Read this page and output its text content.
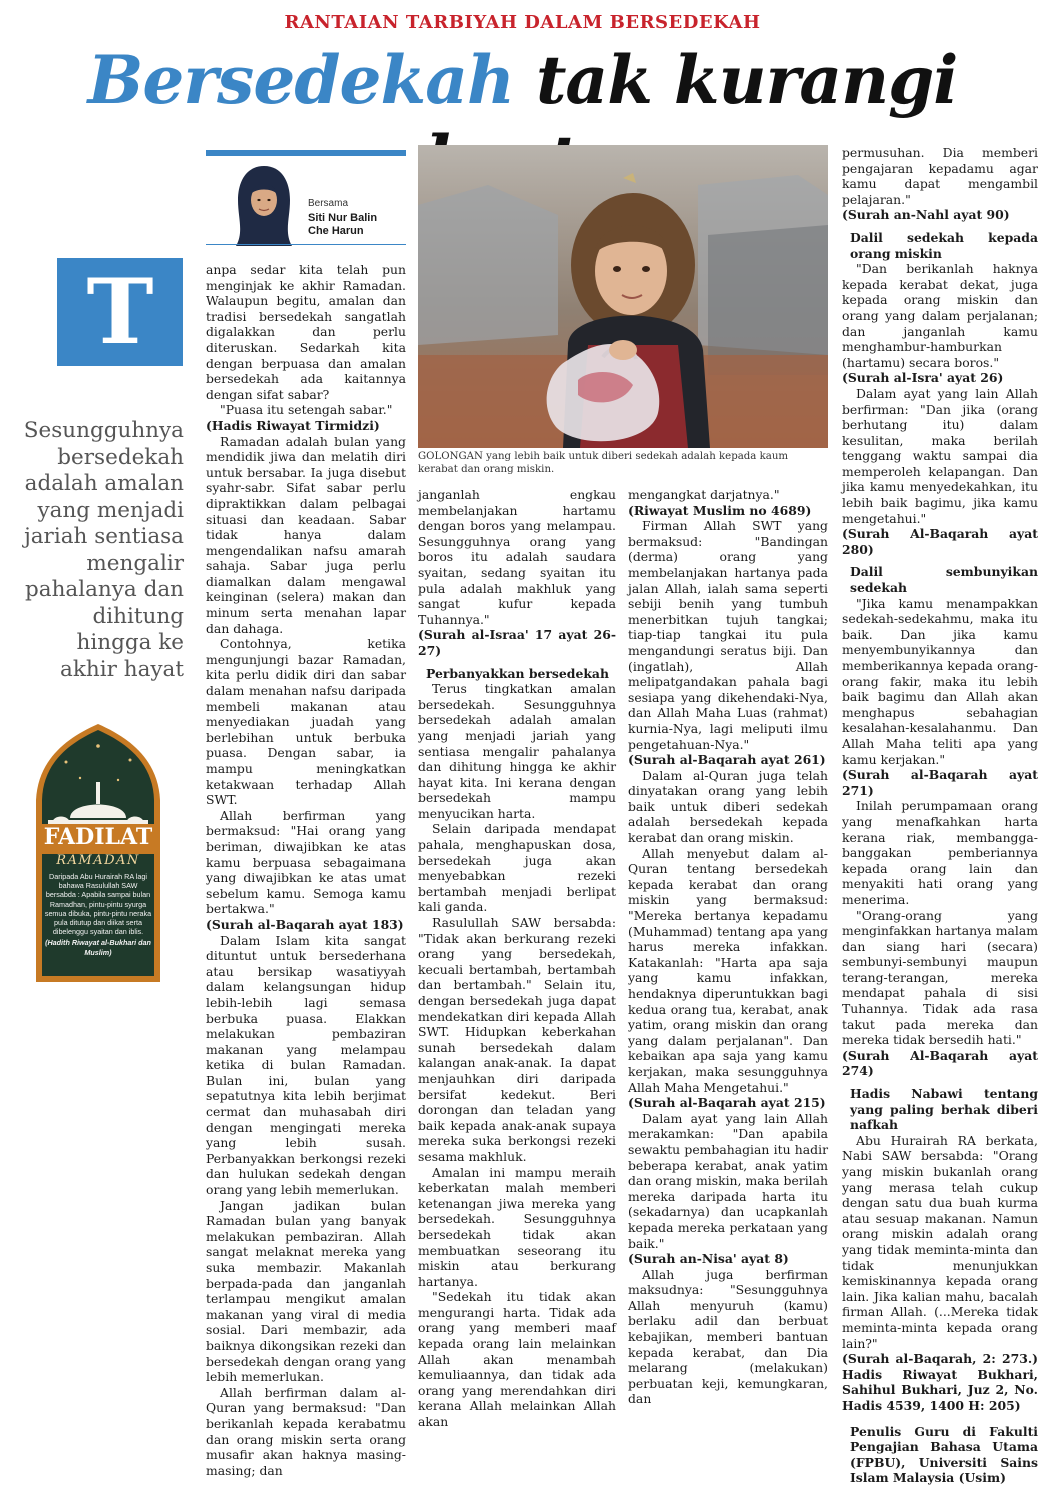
RANTAIAN TARBIYAH DALAM BERSEDEKAH
Bersedekah tak kurangi
Bersama
Siti Nur Balin
Che Harun
T
Sesungguhnya bersedekah adalah amalan yang menjadi jariah sentiasa mengalir pahalanya dan dihitung hingga ke akhir hayat
FADILAT
RAMADAN
Daripada Abu Hurairah RA lagi bahawa Rasulullah SAW bersabda : Apabila sampai bulan Ramadhan, pintu-pintu syurga semua dibuka, pintu-pintu neraka pula ditutup dan diikat serta dibelenggu syaitan dan iblis.
(Hadith Riwayat al-Bukhari dan Muslim)

anpa sedar kita telah pun menginjak ke akhir Ramadan. Walaupun begitu, amalan dan tradisi bersedekah sangatlah digalakkan dan perlu diteruskan. Sedarkah kita dengan berpuasa dan amalan bersedekah ada kaitannya dengan sifat sabar?

"Puasa itu setengah sabar."

(Hadis Riwayat Tirmidzi)

Ramadan adalah bulan yang mendidik jiwa dan melatih diri untuk bersabar. Ia juga disebut syahr-sabr. Sifat sabar perlu dipraktikkan dalam pelbagai situasi dan keadaan. Sabar tidak hanya dalam mengendalikan nafsu amarah sahaja. Sabar juga perlu diamalkan dalam mengawal keinginan (selera) makan dan minum serta menahan lapar dan dahaga.

Contohnya, ketika mengunjungi bazar Ramadan, kita perlu didik diri dan sabar dalam menahan nafsu daripada membeli makanan atau menyediakan juadah yang berlebihan untuk berbuka puasa. Dengan sabar, ia mampu meningkatkan ketakwaan terhadap Allah SWT.

Allah berfirman yang bermaksud: "Hai orang yang beriman, diwajibkan ke atas kamu berpuasa sebagaimana yang diwajibkan ke atas umat sebelum kamu. Semoga kamu bertakwa."

(Surah al-Baqarah ayat 183)

Dalam Islam kita sangat dituntut untuk bersederhana atau bersikap wasatiyyah dalam kelangsungan hidup lebih-lebih lagi semasa berbuka puasa. Elakkan melakukan pembaziran makanan yang melampau ketika di bulan Ramadan. Bulan ini, bulan yang sepatutnya kita lebih berjimat cermat dan muhasabah diri dengan mengingati mereka yang lebih susah. Perbanyakkan berkongsi rezeki dan hulukan sedekah dengan orang yang lebih memerlukan.

Jangan jadikan bulan Ramadan bulan yang banyak melakukan pembaziran. Allah sangat melaknat mereka yang suka membazir. Makanlah berpada-pada dan janganlah terlampau mengikut amalan makanan yang viral di media sosial. Dari membazir, ada baiknya dikongsikan rezeki dan bersedekah dengan orang yang lebih memerlukan.

Allah berfirman dalam al-Quran yang bermaksud: "Dan berikanlah kepada kerabatmu dan orang miskin serta orang musafir akan haknya masing-masing; dan

GOLONGAN yang lebih baik untuk diberi sedekah adalah kepada kaum kerabat dan orang miskin.

janganlah engkau membelanjakan hartamu dengan boros yang melampau. Sesungguhnya orang yang boros itu adalah saudara syaitan, sedang syaitan itu pula adalah makhluk yang sangat kufur kepada Tuhannya."

(Surah al-Israa' 17 ayat 26-27)

Perbanyakkan bersedekah

Terus tingkatkan amalan bersedekah. Sesungguhnya bersedekah adalah amalan yang menjadi jariah yang sentiasa mengalir pahalanya dan dihitung hingga ke akhir hayat kita. Ini kerana dengan bersedekah mampu menyucikan harta.

Selain daripada mendapat pahala, menghapuskan dosa, bersedekah juga akan menyebabkan rezeki bertambah menjadi berlipat kali ganda.

Rasulullah SAW bersabda: "Tidak akan berkurang rezeki orang yang bersedekah, kecuali bertambah, bertambah dan bertambah." Selain itu, dengan bersedekah juga dapat mendekatkan diri kepada Allah SWT. Hidupkan keberkahan sunah bersedekah dalam kalangan anak-anak. Ia dapat menjauhkan diri daripada bersifat kedekut. Beri dorongan dan teladan yang baik kepada anak-anak supaya mereka suka berkongsi rezeki sesama makhluk.

Amalan ini mampu meraih keberkatan malah memberi ketenangan jiwa mereka yang bersedekah. Sesungguhnya bersedekah tidak akan membuatkan seseorang itu miskin atau berkurang hartanya.

"Sedekah itu tidak akan mengurangi harta. Tidak ada orang yang memberi maaf kepada orang lain melainkan Allah akan menambah kemuliaannya, dan tidak ada orang yang merendahkan diri kerana Allah melainkan Allah akan

mengangkat darjatnya."

(Riwayat Muslim no 4689)

Firman Allah SWT yang bermaksud: "Bandingan (derma) orang yang membelanjakan hartanya pada jalan Allah, ialah sama seperti sebiji benih yang tumbuh menerbitkan tujuh tangkai; tiap-tiap tangkai itu pula mengandungi seratus biji. Dan (ingatlah), Allah melipatgandakan pahala bagi sesiapa yang dikehendaki-Nya, dan Allah Maha Luas (rahmat) kurnia-Nya, lagi meliputi ilmu pengetahuan-Nya."

(Surah al-Baqarah ayat 261)

Dalam al-Quran juga telah dinyatakan orang yang lebih baik untuk diberi sedekah adalah bersedekah kepada kerabat dan orang miskin.

Allah menyebut dalam al-Quran tentang bersedekah kepada kerabat dan orang miskin yang bermaksud: "Mereka bertanya kepadamu (Muhammad) tentang apa yang harus mereka infakkan. Katakanlah: "Harta apa saja yang kamu infakkan, hendaknya diperuntukkan bagi kedua orang tua, kerabat, anak yatim, orang miskin dan orang yang dalam perjalanan". Dan kebaikan apa saja yang kamu kerjakan, maka sesungguhnya Allah Maha Mengetahui."

(Surah al-Baqarah ayat 215)

Dalam ayat yang lain Allah merakamkan: "Dan apabila sewaktu pembahagian itu hadir beberapa kerabat, anak yatim dan orang miskin, maka berilah mereka daripada harta itu (sekadarnya) dan ucapkanlah kepada mereka perkataan yang baik."

(Surah an-Nisa' ayat 8)

Allah juga berfirman maksudnya: "Sesungguhnya Allah menyuruh (kamu) berlaku adil dan berbuat kebajikan, memberi bantuan kepada kerabat, dan Dia melarang (melakukan) perbuatan keji, kemungkaran, dan

permusuhan. Dia memberi pengajaran kepadamu agar kamu dapat mengambil pelajaran."

(Surah an-Nahl ayat 90)

Dalil sedekah kepada orang miskin

"Dan berikanlah haknya kepada kerabat dekat, juga kepada orang miskin dan orang yang dalam perjalanan; dan janganlah kamu menghambur-hamburkan (hartamu) secara boros."

(Surah al-Isra' ayat 26)

Dalam ayat yang lain Allah berfirman: "Dan jika (orang berhutang itu) dalam kesulitan, maka berilah tenggang waktu sampai dia memperoleh kelapangan. Dan jika kamu menyedekahkan, itu lebih baik bagimu, jika kamu mengetahui."

(Surah Al-Baqarah ayat 280)

Dalil sembunyikan sedekah

"Jika kamu menampakkan sedekah-sedekahmu, maka itu baik. Dan jika kamu menyembunyikannya dan memberikannya kepada orang-orang fakir, maka itu lebih baik bagimu dan Allah akan menghapus sebahagian kesalahan-kesalahanmu. Dan Allah Maha teliti apa yang kamu kerjakan."

(Surah al-Baqarah ayat 271)

Inilah perumpamaan orang yang menafkahkan harta kerana riak, membangga-banggakan pemberiannya kepada orang lain dan menyakiti hati orang yang menerima.

"Orang-orang yang menginfakkan hartanya malam dan siang hari (secara) sembunyi-sembunyi maupun terang-terangan, mereka mendapat pahala di sisi Tuhannya. Tidak ada rasa takut pada mereka dan mereka tidak bersedih hati."

(Surah Al-Baqarah ayat 274)

Hadis Nabawi tentang yang paling berhak diberi nafkah

Abu Hurairah RA berkata, Nabi SAW bersabda: "Orang yang miskin bukanlah orang yang merasa telah cukup dengan satu dua buah kurma atau sesuap makanan. Namun orang miskin adalah orang yang tidak meminta-minta dan tidak menunjukkan kemiskinannya kepada orang lain. Jika kalian mahu, bacalah firman Allah. (...Mereka tidak meminta-minta kepada orang lain?"

(Surah al-Baqarah, 2: 273.) Hadis Riwayat Bukhari, Sahihul Bukhari, Juz 2, No. Hadis 4539, 1400 H: 205)

Penulis Guru di Fakulti Pengajian Bahasa Utama (FPBU), Universiti Sains Islam Malaysia (Usim)
